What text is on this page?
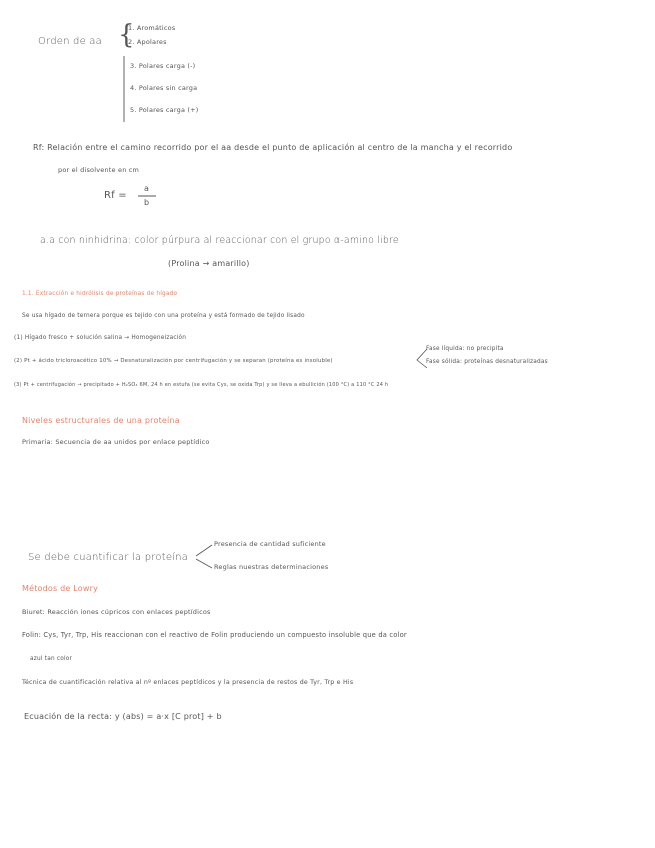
Orden de aa {
1. Aromáticos
2. Apolares
3. Polares carga (-)
4. Polares sin carga
5. Polares carga (+)
Rf: Relación entre el camino recorrido por el aa desde el punto de aplicación al centro de la mancha y el recorrido
por el disolvente en cm
Rf =
a
b
a.a con ninhidrina: color púrpura al reaccionar con el grupo α-amino libre
(Prolina → amarillo)
1.1. Extracción e hidrólisis de proteínas de hígado
Se usa hígado de ternera porque es tejido con una proteína y está formado de tejido lisado
(1) Hígado fresco + solución salina → Homogeneización
(2) Pt + ácido tricloroacético 10% → Desnaturalización por centrifugación y se separan (proteína es insoluble)
Fase líquida: no precipita
Fase sólida: proteínas desnaturalizadas
(3) Pt + centrifugación → precipitado + H₂SO₄ 6M, 24 h en estufa (se evita Cys, se oxida Trp) y se lleva a ebullición (100 °C) a 110 °C 24 h
Niveles estructurales de una proteína
Primaria: Secuencia de aa unidos por enlace peptídico
Se debe cuantificar la proteína
Presencia de cantidad suficiente
Reglas nuestras determinaciones
Métodos de Lowry
Biuret: Reacción iones cúpricos con enlaces peptídicos
Folin: Cys, Tyr, Trp, His reaccionan con el reactivo de Folin produciendo un compuesto insoluble que da color
azul tan color
Técnica de cuantificación relativa al nº enlaces peptídicos y la presencia de restos de Tyr, Trp e His
Ecuación de la recta: y (abs) = a·x [C prot] + b
